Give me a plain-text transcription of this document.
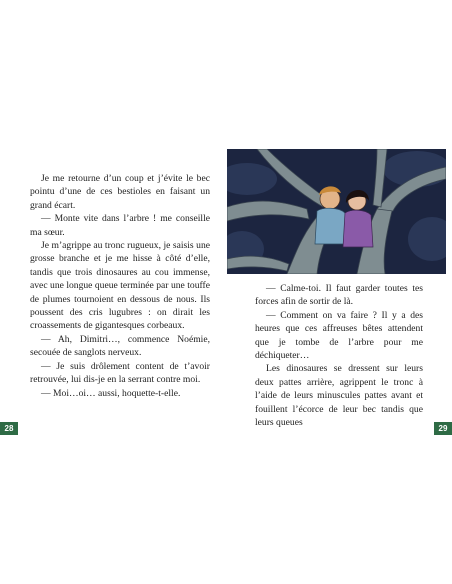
Je me retourne d’un coup et j’évite le bec pointu d’une de ces bestioles en faisant un grand écart.

— Monte vite dans l’arbre ! me conseille ma sœur.

Je m’agrippe au tronc rugueux, je saisis une grosse branche et je me hisse à côté d’elle, tandis que trois dinosaures au cou immense, avec une longue queue terminée par une touffe de plumes tournoient en dessous de nous. Ils poussent des cris lugubres : on dirait les croassements de gigantesques corbeaux.

— Ah, Dimitri…, commence Noémie, secouée de sanglots nerveux.

— Je suis drôlement content de t’avoir retrouvée, lui dis-je en la serrant contre moi.

— Moi…oi… aussi, hoquette-t-elle.

28

— Calme-toi. Il faut garder toutes tes forces afin de sortir de là.

— Comment on va faire ? Il y a des heures que ces affreuses bêtes attendent que je tombe de l’arbre pour me déchiqueter…

Les dinosaures se dressent sur leurs deux pattes arrière, agrippent le tronc à l’aide de leurs minuscules pattes avant et fouillent l’écorce de leur bec tandis que leurs queues

29
